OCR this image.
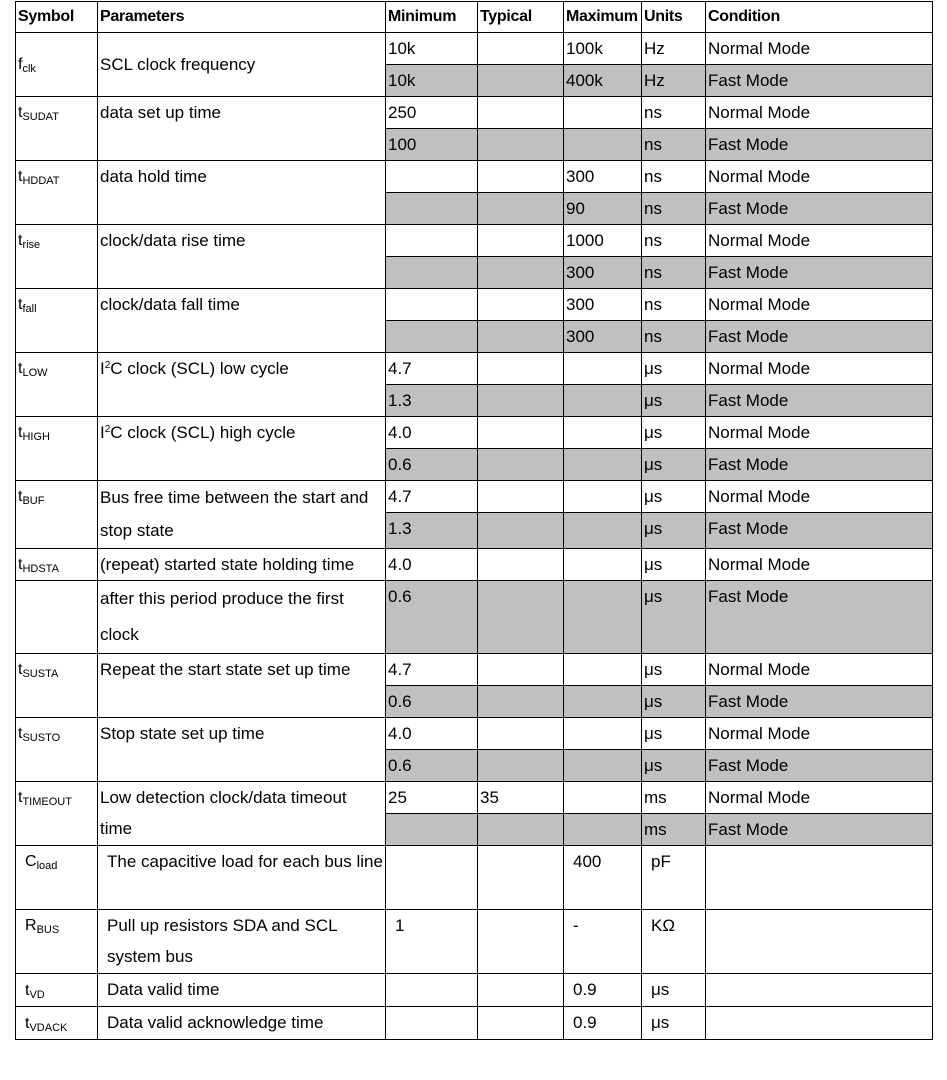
Symbol	Parameters	Minimum	Typical	Maximum	Units	Condition
$f_{clk}$	SCL clock frequency	10k		100k	Hz	Normal Mode
		10k		400k	Hz	Fast Mode
$t_{SUDAT}$	data set up time	250			ns	Normal Mode
		100			ns	Fast Mode
$t_{HDDAT}$	data hold time			300	ns	Normal Mode
				90	ns	Fast Mode
$t_{rise}$	clock/data rise time			1000	ns	Normal Mode
				300	ns	Fast Mode
$t_{fall}$	clock/data fall time			300	ns	Normal Mode
				300	ns	Fast Mode
$t_{LOW}$	$I^2C$ clock (SCL) low cycle	4.7			μs	Normal Mode
		1.3			μs	Fast Mode
$t_{HIGH}$	$I^2C$ clock (SCL) high cycle	4.0			μs	Normal Mode
		0.6			μs	Fast Mode
$t_{BUF}$	Bus free time between the start and stop state	4.7			μs	Normal Mode
		1.3			μs	Fast Mode
$t_{HDSTA}$	(repeat) started state holding time	4.0			μs	Normal Mode
	after this period produce the first clock	0.6			μs	Fast Mode
$t_{SUSTA}$	Repeat the start state set up time	4.7			μs	Normal Mode
		0.6			μs	Fast Mode
$t_{SUSTO}$	Stop state set up time	4.0			μs	Normal Mode
		0.6			μs	Fast Mode
$t_{TIMEOUT}$	Low detection clock/data timeout time	25	35		ms	Normal Mode
					ms	Fast Mode
$C_{load}$	The capacitive load for each bus line			400	pF	
$R_{BUS}$	Pull up resistors SDA and SCL system bus	1		-	KΩ	
$t_{VD}$	Data valid time			0.9	μs	
$t_{VDACK}$	Data valid acknowledge time			0.9	μs	
